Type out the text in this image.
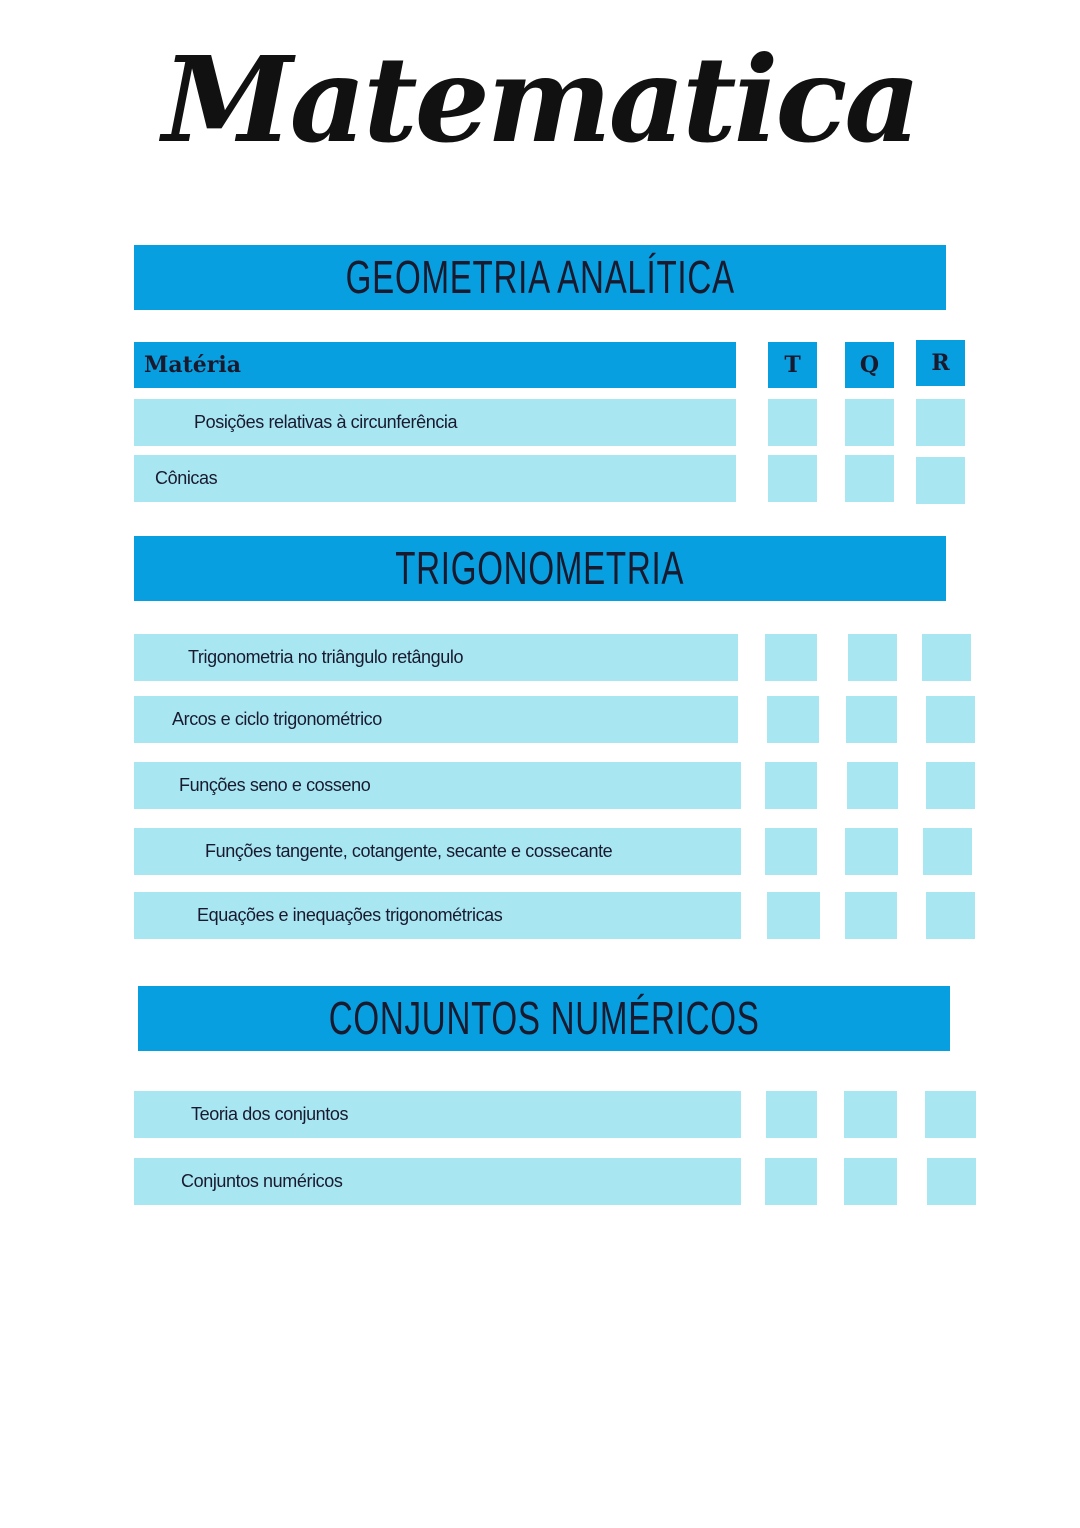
Matematica
GEOMETRIA ANALÍTICA
Matéria	T	Q	R
Posições relativas à circunferência
Cônicas
TRIGONOMETRIA
Trigonometria no triângulo retângulo
Arcos e ciclo trigonométrico
Funções seno e cosseno
Funções tangente, cotangente, secante e cossecante
Equações e inequações trigonométricas
CONJUNTOS NUMÉRICOS
Teoria dos conjuntos
Conjuntos numéricos
